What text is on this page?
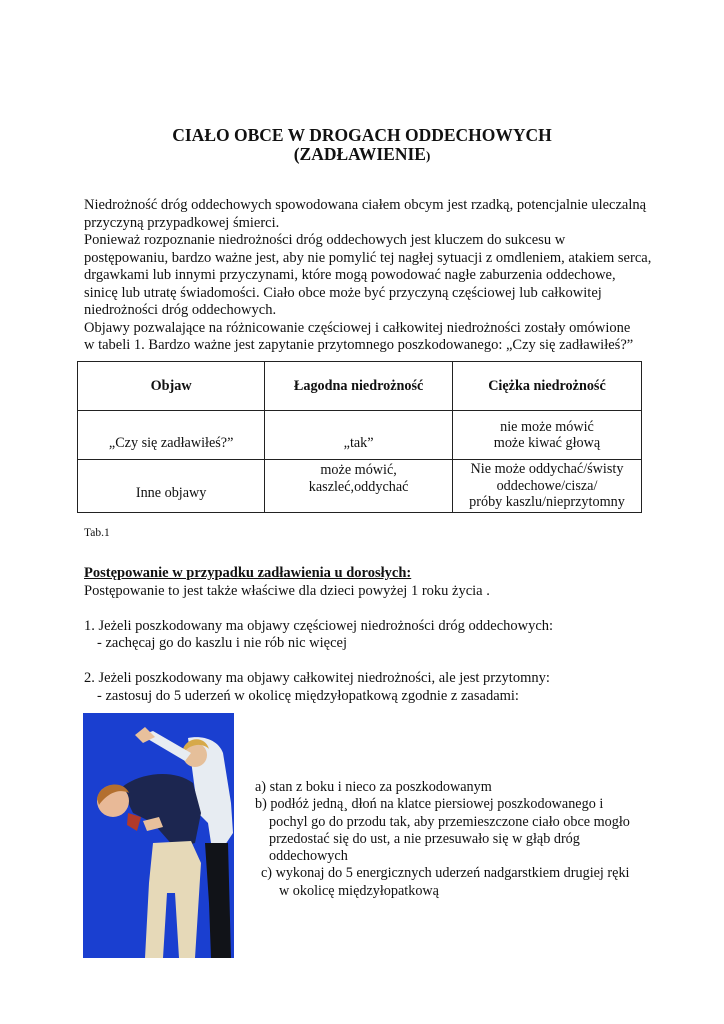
CIAŁO OBCE W DROGACH ODDECHOWYCH
(ZADŁAWIENIE)

Niedrożność dróg oddechowych spowodowana ciałem obcym jest rzadką, potencjalnie uleczalną

przyczyną przypadkowej śmierci.

Ponieważ rozpoznanie niedrożności dróg oddechowych jest kluczem do sukcesu w

postępowaniu, bardzo ważne jest, aby nie pomylić tej nagłej sytuacji z omdleniem, atakiem serca,

drgawkami lub innymi przyczynami, które mogą powodować nagłe zaburzenia oddechowe,

sinicę lub utratę świadomości. Ciało obce może być przyczyną częściowej lub całkowitej

niedrożności dróg oddechowych.

Objawy pozwalające na różnicowanie częściowej i całkowitej niedrożności zostały omówione

w tabeli 1. Bardzo ważne jest zapytanie przytomnego poszkodowanego: „Czy się zadławiłeś?”

Objaw	Łagodna niedrożność	Ciężka niedrożność
„Czy się zadławiłeś?”	„tak”	nie może mówić
może kiwać głową

Inne objawy	może mówić,
kaszleć,oddychać	Nie może oddychać/świsty
oddechowe/cisza/
próby kaszlu/nieprzytomny
Tab.1

Postępowanie w przypadku zadławienia u dorosłych:

Postępowanie to jest także właściwe dla dzieci powyżej 1 roku życia .

1. Jeżeli poszkodowany ma objawy częściowej niedrożności dróg oddechowych:

- zachęcaj go do kaszlu i nie rób nic więcej

2. Jeżeli poszkodowany ma objawy całkowitej niedrożności, ale jest przytomny:

- zastosuj do 5 uderzeń w okolicę międzyłopatkową zgodnie z zasadami:

a) stan z boku i nieco za poszkodowanym

b) podłóż jedną¸ dłoń na klatce piersiowej poszkodowanego i

pochyl go do przodu tak, aby przemieszczone ciało obce mogło

przedostać się do ust, a nie przesuwało się w głąb dróg

oddechowych

c) wykonaj do 5 energicznych uderzeń nadgarstkiem drugiej ręki

w okolicę międzyłopatkową
